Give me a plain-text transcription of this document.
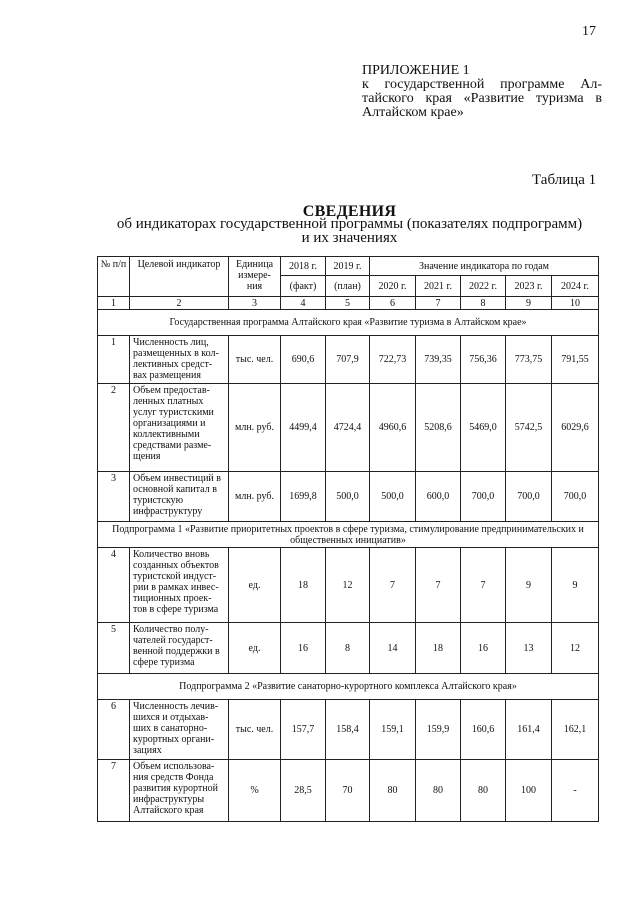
17
ПРИЛОЖЕНИЕ 1
к государственной программе Ал-
тайского края «Развитие туризма в
Алтайском крае»
Таблица 1
СВЕДЕНИЯ
об индикаторах государственной программы (показателях подпрограмм)
и их значениях
№ п/п	Целевой индикатор	Единица измере- ния	2018 г.	2019 г.	Значение индикатора по годам				
			(факт)	(план)	2020 г.	2021 г.	2022 г.	2023 г.	2024 г.
1	2	3	4	5	6	7	8	9	10
Государственная программа Алтайского края «Развитие туризма в Алтайском крае»									
1	Численность лиц, размещенных в кол- лективных средст- вах размещения	тыс. чел.	690,6	707,9	722,73	739,35	756,36	773,75	791,55
2	Объем предостав- ленных платных услуг туристскими организациями и коллективными средствами разме- щения	млн. руб.	4499,4	4724,4	4960,6	5208,6	5469,0	5742,5	6029,6
3	Объем инвестиций в основной капитал в туристскую инфраструктуру	млн. руб.	1699,8	500,0	500,0	600,0	700,0	700,0	700,0
Подпрограмма 1 «Развитие приоритетных проектов в сфере туризма, стимулирование предпринимательских и общественных инициатив»									
4	Количество вновь созданных объектов туристской индуст- рии в рамках инвес- тиционных проек- тов в сфере туризма	ед.	18	12	7	7	7	9	9
5	Количество полу- чателей государст- венной поддержки в сфере туризма	ед.	16	8	14	18	16	13	12
Подпрограмма 2 «Развитие санаторно-курортного комплекса Алтайского края»									
6	Численность лечив- шихся и отдыхав- ших в санаторно- курортных органи- зациях	тыс. чел.	157,7	158,4	159,1	159,9	160,6	161,4	162,1
7	Объем использова- ния средств Фонда развития курортной инфраструктуры Алтайского края	%	28,5	70	80	80	80	100	-
